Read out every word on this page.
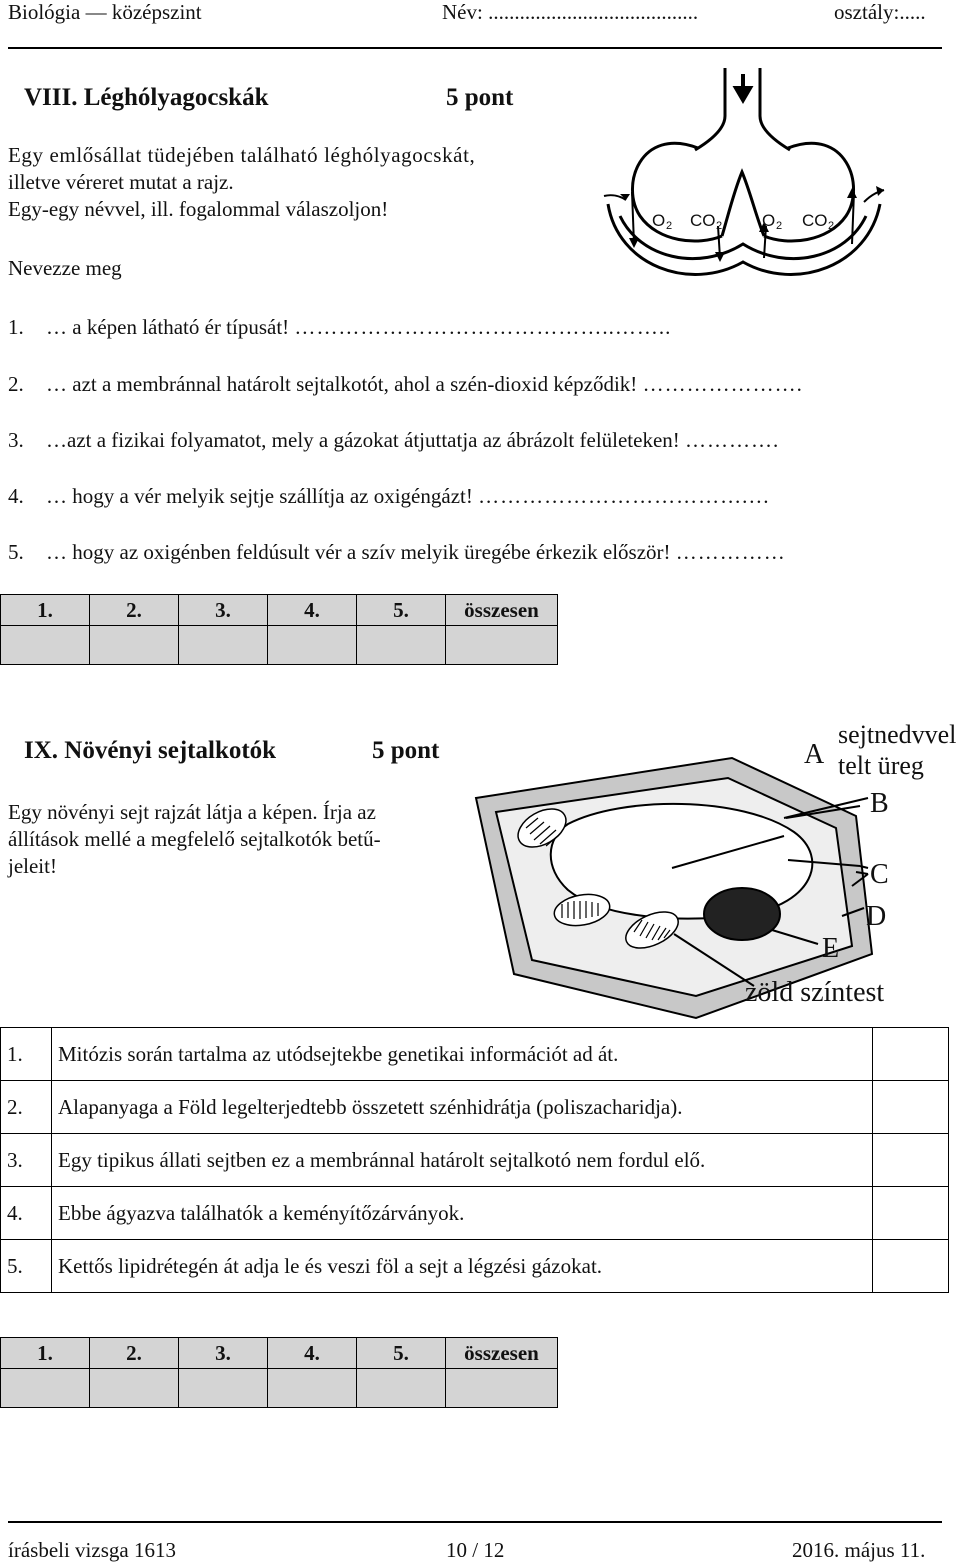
Biológia — középszint	Név: ........................................	osztály:.....
VIII. Léghólyagocskák	5 pont
Egy emlősállat tüdejében található léghólyagocskát,
illetve véreret mutat a rajz.
Egy-egy névvel, ill. fogalommal válaszoljon!
Nevezze meg
O 2 CO 2 O 2 CO 2
1. … a képen látható ér típusát! ……………………………………..……..
2. … azt a membránnal határolt sejtalkotót, ahol a szén-dioxid képződik! ………………….
3. …azt a fizikai folyamatot, mely a gázokat átjuttatja az ábrázolt felületeken! ………….
4. … hogy a vér melyik sejtje szállítja az oxigéngázt! ……………………………….…
5. … hogy az oxigénben feldúsult vér a szív melyik üregébe érkezik először! ……………
1.	2.	3.	4.	5.	összesen

IX. Növényi sejtalkotók	5 pont
Egy növényi sejt rajzát látja a képen. Írja az
állítások mellé a megfelelő sejtalkotók betű-
jeleit!
A
sejtnedvvel
telt üreg
B
C
D
E
zöld színtest
1.	Mitózis során tartalma az utódsejtekbe genetikai információt ad át.	
2.	Alapanyaga a Föld legelterjedtebb összetett szénhidrátja (poliszacharidja).	
3.	Egy tipikus állati sejtben ez a membránnal határolt sejtalkotó nem fordul elő.	
4.	Ebbe ágyazva találhatók a keményítőzárványok.	
5.	Kettős lipidrétegén át adja le és veszi föl a sejt a légzési gázokat.	
1.	2.	3.	4.	5.	összesen

írásbeli vizsga 1613	10 / 12	2016. május 11.
